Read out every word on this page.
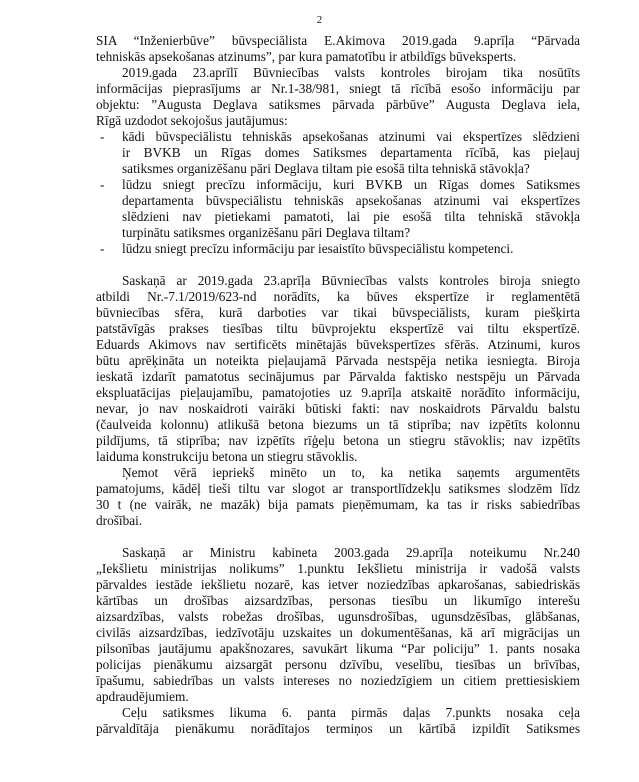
2
SIA “Inženierbūve” būvspeciālista E.Akimova 2019.gada 9.aprīļa “Pārvada
tehniskās apsekošanas atzinums”, par kura pamatotību ir atbildīgs būveksperts.
2019.gada 23.aprīlī Būvniecības valsts kontroles birojam tika nosūtīts
informācijas pieprasījums ar Nr.1-38/981, sniegt tā rīcībā esošo informāciju par
objektu: ”Augusta Deglava satiksmes pārvada pārbūve” Augusta Deglava iela,
Rīgā uzdodot sekojošus jautājumus:
- kādi būvspeciālistu tehniskās apsekošanas atzinumi vai ekspertīzes slēdzieni
ir BVKB un Rīgas domes Satiksmes departamenta rīcībā, kas pieļauj
satiksmes organizēšanu pāri Deglava tiltam pie esošā tilta tehniskā stāvokļa?
- lūdzu sniegt precīzu informāciju, kuri BVKB un Rīgas domes Satiksmes
departamenta būvspeciālistu tehniskās apsekošanas atzinumi vai ekspertīzes
slēdzieni nav pietiekami pamatoti, lai pie esošā tilta tehniskā stāvokļa
turpinātu satiksmes organizēšanu pāri Deglava tiltam?
- lūdzu sniegt precīzu informāciju par iesaistīto būvspeciālistu kompetenci.
Saskaņā ar 2019.gada 23.aprīļa Būvniecības valsts kontroles biroja sniegto
atbildi Nr.-7.1/2019/623-nd norādīts, ka būves ekspertīze ir reglamentētā
būvniecības sfēra, kurā darboties var tikai būvspeciālists, kuram piešķirta
patstāvīgās prakses tiesības tiltu būvprojektu ekspertīzē vai tiltu ekspertīzē.
Eduards Akimovs nav sertificēts minētajās būvekspertīzes sfērās. Atzinumi, kuros
būtu aprēķināta un noteikta pieļaujamā Pārvada nestspēja netika iesniegta. Biroja
ieskatā izdarīt pamatotus secinājumus par Pārvalda faktisko nestspēju un Pārvada
ekspluatācijas pieļaujamību, pamatojoties uz 9.aprīļa atskaitē norādīto informāciju,
nevar, jo nav noskaidroti vairāki būtiski fakti: nav noskaidrots Pārvaldu balstu
(čaulveida kolonnu) atlikušā betona biezums un tā stiprība; nav izpētīts kolonnu
pildījums, tā stiprība; nav izpētīts rīģeļu betona un stiegru stāvoklis; nav izpētīts
laiduma konstrukciju betona un stiegru stāvoklis.
Ņemot vērā iepriekš minēto un to, ka netika saņemts argumentēts
pamatojums, kādēļ tieši tiltu var slogot ar transportlīdzekļu satiksmes slodzēm līdz
30 t (ne vairāk, ne mazāk) bija pamats pieņēmumam, ka tas ir risks sabiedrības
drošībai.
Saskaņā ar Ministru kabineta 2003.gada 29.aprīļa noteikumu Nr.240
„Iekšlietu ministrijas nolikums” 1.punktu Iekšlietu ministrija ir vadošā valsts
pārvaldes iestāde iekšlietu nozarē, kas ietver noziedzības apkarošanas, sabiedriskās
kārtības un drošības aizsardzības, personas tiesību un likumīgo interešu
aizsardzības, valsts robežas drošības, ugunsdrošības, ugunsdzēsības, glābšanas,
civilās aizsardzības, iedzīvotāju uzskaites un dokumentēšanas, kā arī migrācijas un
pilsonības jautājumu apakšnozares, savukārt likuma “Par policiju” 1. pants nosaka
policijas pienākumu aizsargāt personu dzīvību, veselību, tiesības un brīvības,
īpašumu, sabiedrības un valsts intereses no noziedzīgiem un citiem prettiesiskiem
apdraudējumiem.
Ceļu satiksmes likuma 6. panta pirmās daļas 7.punkts nosaka ceļa
pārvaldītāja pienākumu norādītajos termiņos un kārtībā izpildīt Satiksmes
